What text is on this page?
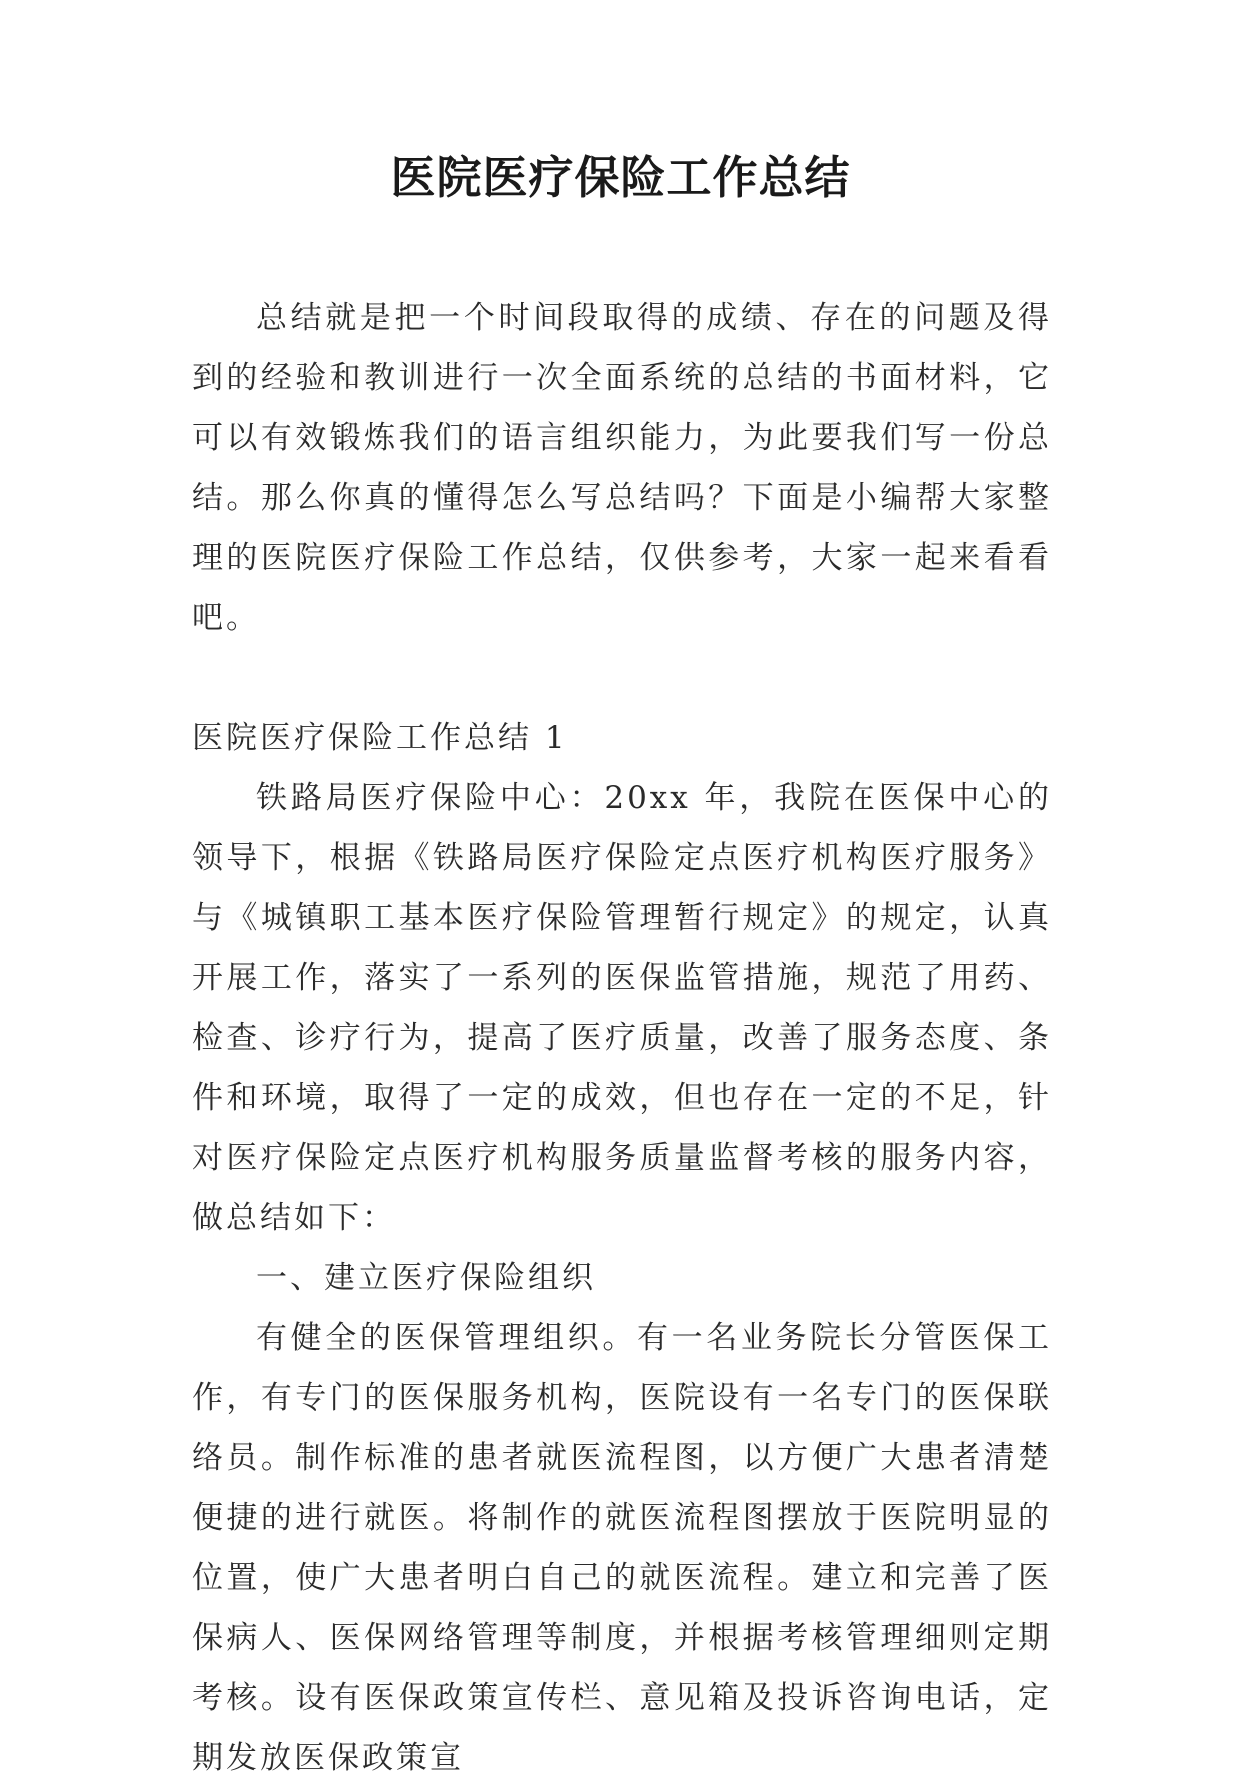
医院医疗保险工作总结

总结就是把一个时间段取得的成绩、存在的问题及得到的经验和教训进行一次全面系统的总结的书面材料，它可以有效锻炼我们的语言组织能力，为此要我们写一份总结。那么你真的懂得怎么写总结吗？下面是小编帮大家整理的医院医疗保险工作总结，仅供参考，大家一起来看看吧。

医院医疗保险工作总结 1

铁路局医疗保险中心：20xx 年，我院在医保中心的领导下，根据《铁路局医疗保险定点医疗机构医疗服务》与《城镇职工基本医疗保险管理暂行规定》的规定，认真开展工作，落实了一系列的医保监管措施，规范了用药、检查、诊疗行为，提高了医疗质量，改善了服务态度、条件和环境，取得了一定的成效，但也存在一定的不足，针对医疗保险定点医疗机构服务质量监督考核的服务内容，做总结如下：

一、建立医疗保险组织

有健全的医保管理组织。有一名业务院长分管医保工作，有专门的医保服务机构，医院设有一名专门的医保联络员。制作标准的患者就医流程图，以方便广大患者清楚便捷的进行就医。将制作的就医流程图摆放于医院明显的位置，使广大患者明白自己的就医流程。建立和完善了医保病人、医保网络管理等制度，并根据考核管理细则定期考核。设有医保政策宣传栏、意见箱及投诉咨询电话，定期发放医保政策宣
